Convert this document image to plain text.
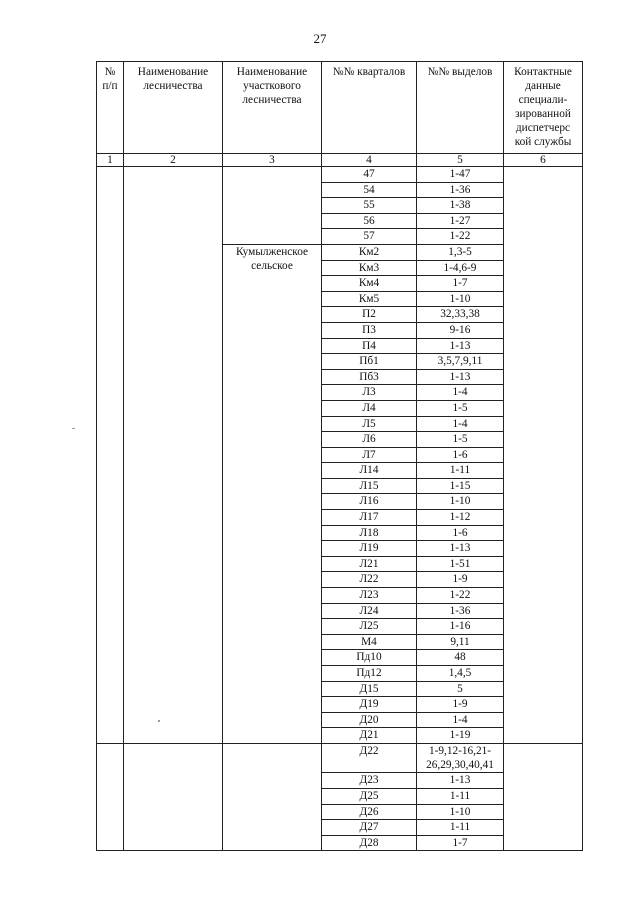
27
№ п/п	Наименование лесничества	Наименование участкового лесничества	№№ кварталов	№№ выделов	Контактные данные специали-зированной диспетчерс кой службы
1	2	3	4	5	6
			47	1-47	
			54	1-36	
			55	1-38	
			56	1-27	
			57	1-22	
		Кумылженское сельское	Км2	1,3-5	
			Км3	1-4,6-9	
			Км4	1-7	
			Км5	1-10	
			П2	32,33,38	
			П3	9-16	
			П4	1-13	
			Пб1	3,5,7,9,11	
			Пб3	1-13	
			Л3	1-4	
			Л4	1-5	
			Л5	1-4	
			Л6	1-5	
			Л7	1-6	
			Л14	1-11	
			Л15	1-15	
			Л16	1-10	
			Л17	1-12	
			Л18	1-6	
			Л19	1-13	
			Л21	1-51	
			Л22	1-9	
			Л23	1-22	
			Л24	1-36	
			Л25	1-16	
			М4	9,11	
			Пд10	48	
			Пд12	1,4,5	
			Д15	5	
			Д19	1-9	
			Д20	1-4	
			Д21	1-19	
			Д22	1-9,12-16,21-26,29,30,40,41	
			Д23	1-13	
			Д25	1-11	
			Д26	1-10	
			Д27	1-11	
			Д28	1-7	
